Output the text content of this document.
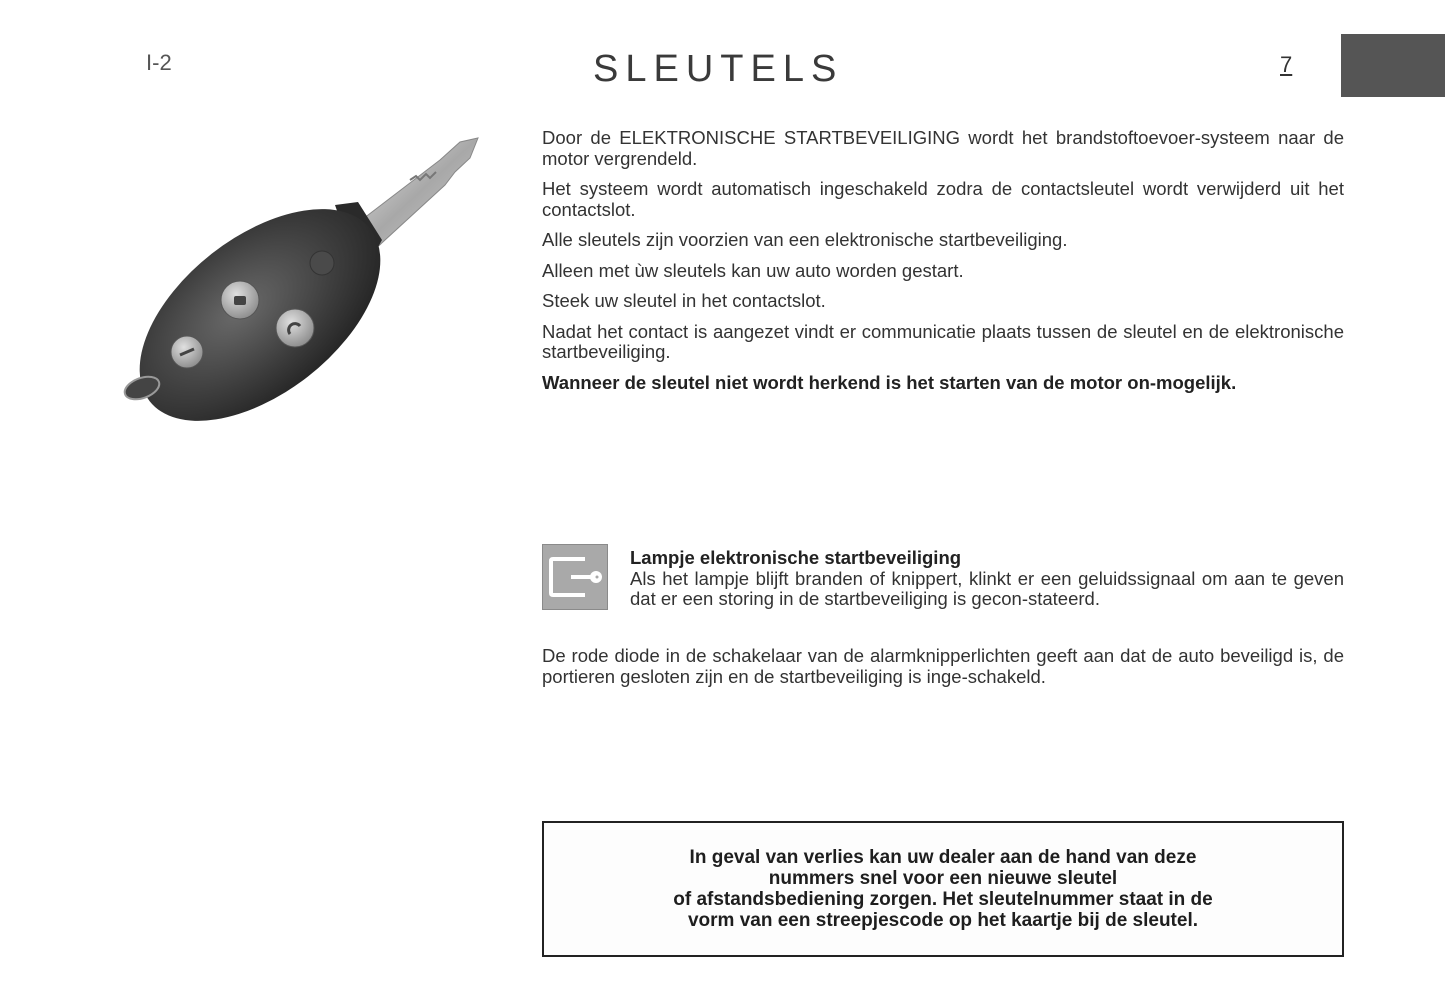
I-2	SLEUTELS	7

Door de ELEKTRONISCHE STARTBEVEILIGING wordt het brandstoftoevoer-systeem naar de motor vergrendeld.

Het systeem wordt automatisch ingeschakeld zodra de contactsleutel wordt verwijderd uit het contactslot.

Alle sleutels zijn voorzien van een elektronische startbeveiliging.

Alleen met ùw sleutels kan uw auto worden gestart.

Steek uw sleutel in het contactslot.

Nadat het contact is aangezet vindt er communicatie plaats tussen de sleutel en de elektronische startbeveiliging.

Wanneer de sleutel niet wordt herkend is het starten van de motor on-mogelijk.

Lampje elektronische startbeveiliging
Als het lampje blijft branden of knippert, klinkt er een geluidssignaal om aan te geven dat er een storing in de startbeveiliging is gecon-stateerd.

De rode diode in de schakelaar van de alarmknipperlichten geeft aan dat de auto beveiligd is, de portieren gesloten zijn en de startbeveiliging is inge-schakeld.

In geval van verlies kan uw dealer aan de hand van deze
nummers snel voor een nieuwe sleutel
of afstandsbediening zorgen. Het sleutelnummer staat in de
vorm van een streepjescode op het kaartje bij de sleutel.
